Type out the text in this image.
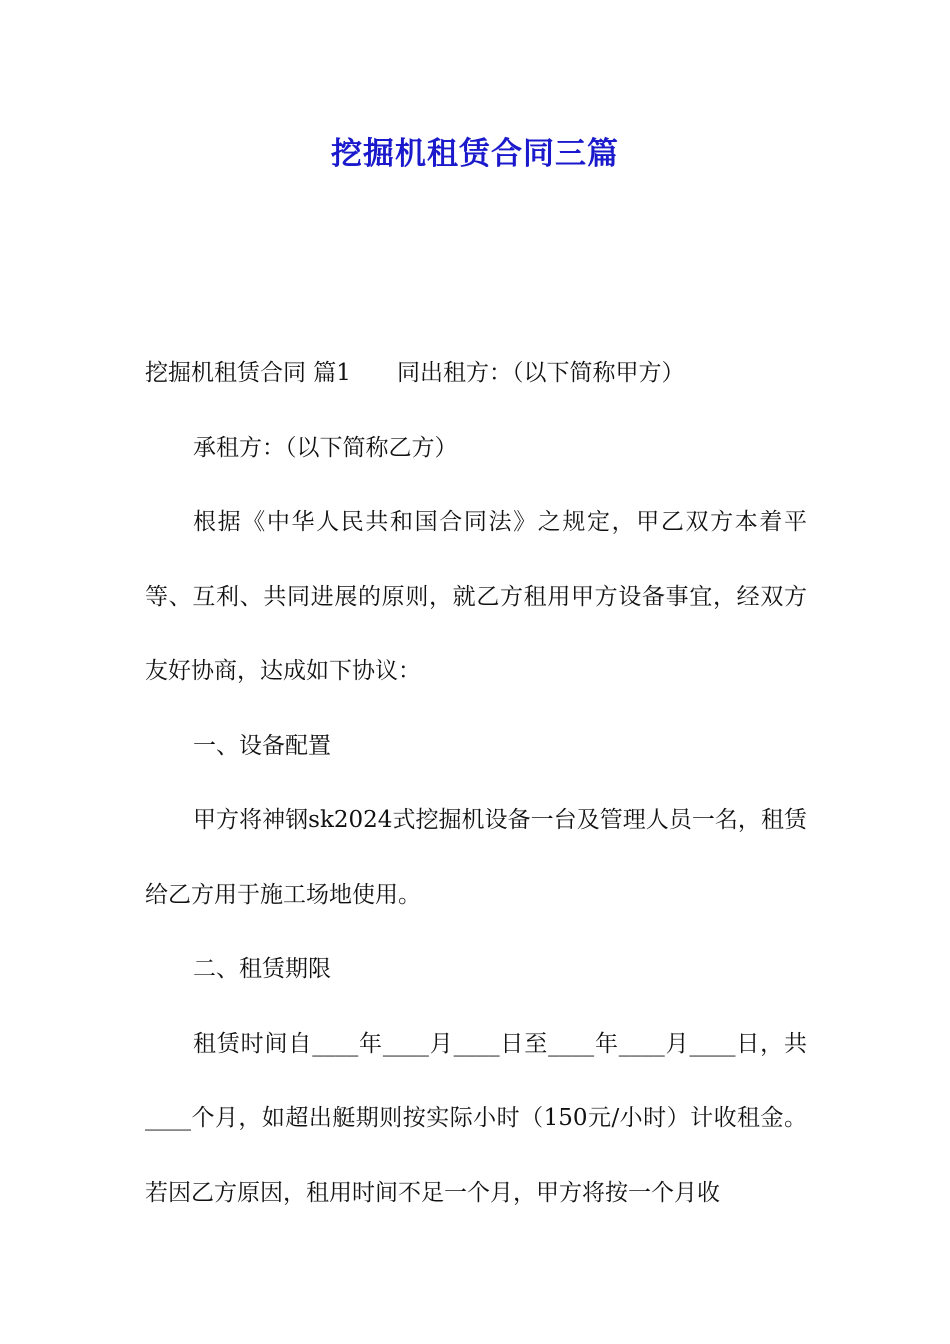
挖掘机租赁合同三篇

挖掘机租赁合同 篇1 同出租方：（以下简称甲方）

承租方：（以下简称乙方）

根据《中华人民共和国合同法》之规定，甲乙双方本着平等、互利、共同进展的原则，就乙方租用甲方设备事宜，经双方友好协商，达成如下协议：

一、设备配置

甲方将神钢sk2024式挖掘机设备一台及管理人员一名，租赁给乙方用于施工场地使用。

二、租赁期限

租赁时间自____年____月____日至____年____月____日，共____个月，如超出艇期则按实际小时（150元/小时）计收租金。若因乙方原因，租用时间不足一个月，甲方将按一个月收
